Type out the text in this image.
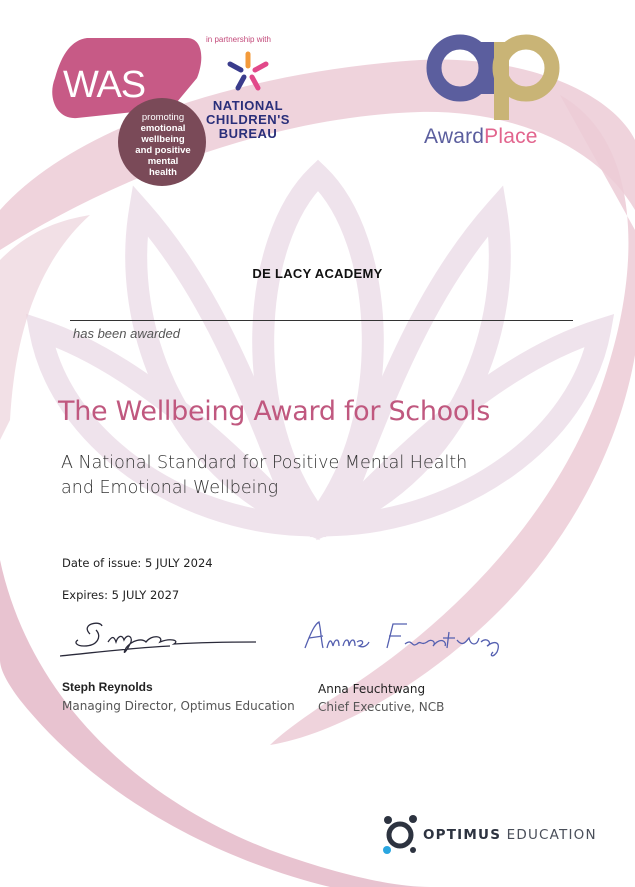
WAS
promoting
emotional
wellbeing
and positive
mental
health
in partnership with
NATIONAL
CHILDREN'S
BUREAU	AwardPlace
DE LACY ACADEMY
has been awarded
The Wellbeing Award for Schools
A National Standard for Positive Mental Health
and Emotional Wellbeing
Date of issue: 5 JULY 2024
Expires: 5 JULY 2027
Steph Reynolds
Managing Director, Optimus Education
Anna Feuchtwang
Chief Executive, NCB
OPTIMUS EDUCATION
